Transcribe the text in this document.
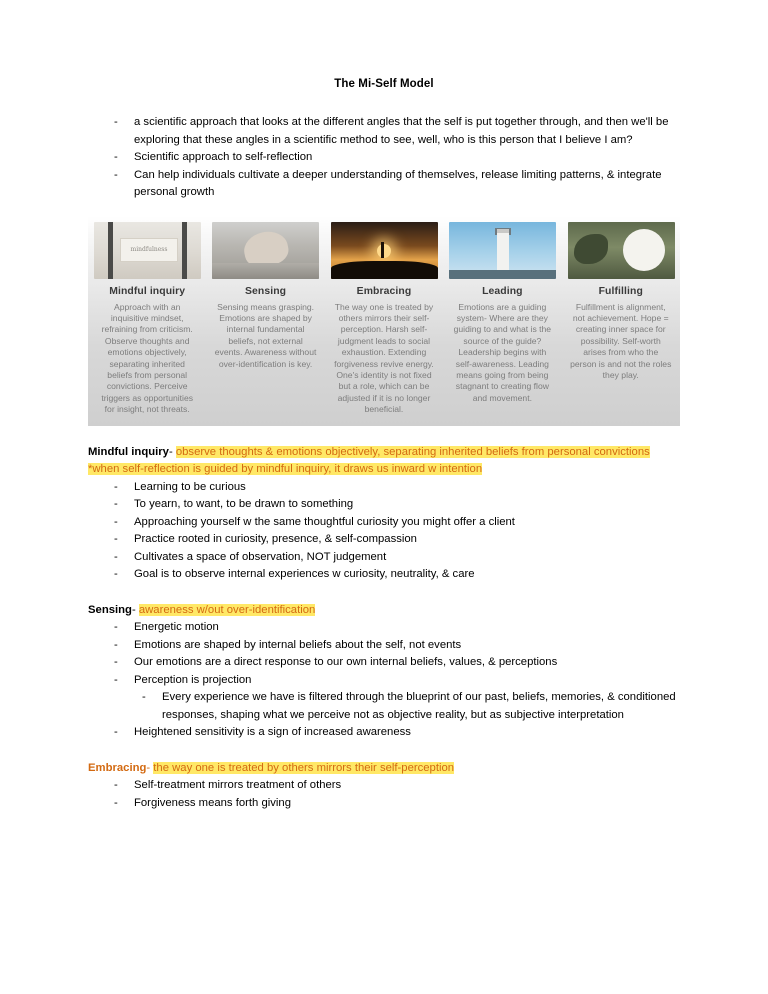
The Mi-Self Model
- a scientific approach that looks at the different angles that the self is put together through, and then we'll be exploring that these angles in a scientific method to see, well, who is this person that I believe I am?
- Scientific approach to self-reflection
- Can help individuals cultivate a deeper understanding of themselves, release limiting patterns, & integrate personal growth
mindfulness
Mindful inquiry
Approach with an inquisitive mindset, refraining from criticism. Observe thoughts and emotions objectively, separating inherited beliefs from personal convictions. Perceive triggers as opportunities for insight, not threats.
Sensing
Sensing means grasping. Emotions are shaped by internal fundamental beliefs, not external events. Awareness without over-identification is key.
Embracing
The way one is treated by others mirrors their self-perception. Harsh self-judgment leads to social exhaustion. Extending forgiveness revive energy. One's identity is not fixed but a role, which can be adjusted if it is no longer beneficial.
Leading
Emotions are a guiding system- Where are they guiding to and what is the source of the guide? Leadership begins with self-awareness. Leading means going from being stagnant to creating flow and movement.
Fulfilling
Fulfillment is alignment, not achievement. Hope = creating inner space for possibility. Self-worth arises from who the person is and not the roles they play.
Mindful inquiry- observe thoughts & emotions objectively, separating inherited beliefs from personal convictions *when self-reflection is guided by mindful inquiry, it draws us inward w intention
- Learning to be curious
- To yearn, to want, to be drawn to something
- Approaching yourself w the same thoughtful curiosity you might offer a client
- Practice rooted in curiosity, presence, & self-compassion
- Cultivates a space of observation, NOT judgement
- Goal is to observe internal experiences w curiosity, neutrality, & care
Sensing- awareness w/out over-identification
- Energetic motion
- Emotions are shaped by internal beliefs about the self, not events
- Our emotions are a direct response to our own internal beliefs, values, & perceptions
- Perception is projection
- Every experience we have is filtered through the blueprint of our past, beliefs, memories, & conditioned responses, shaping what we perceive not as objective reality, but as subjective interpretation
- Heightened sensitivity is a sign of increased awareness
Embracing- the way one is treated by others mirrors their self-perception
- Self-treatment mirrors treatment of others
- Forgiveness means forth giving
